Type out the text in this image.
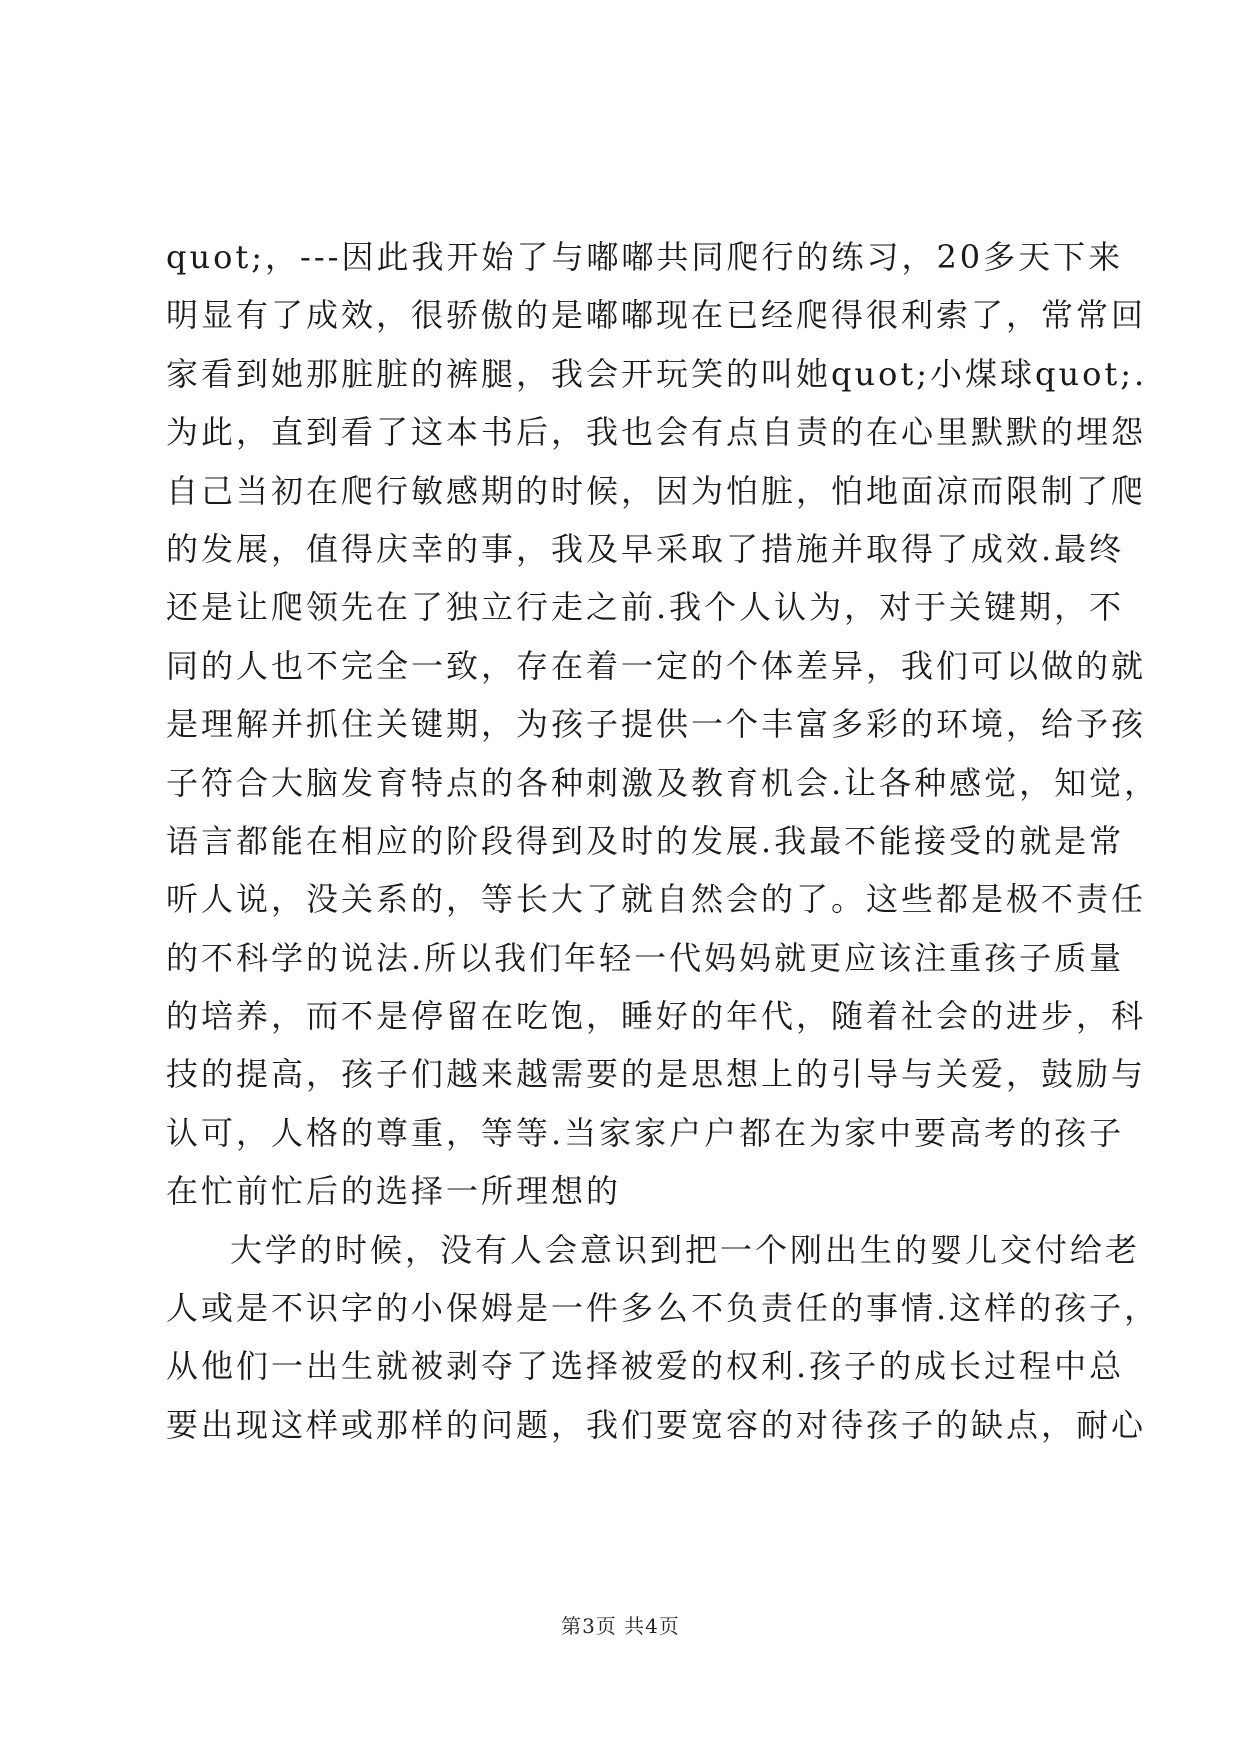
quot;，---因此我开始了与嘟嘟共同爬行的练习，20多天下来
明显有了成效，很骄傲的是嘟嘟现在已经爬得很利索了，常常回
家看到她那脏脏的裤腿，我会开玩笑的叫她quot;小煤球quot;.
为此，直到看了这本书后，我也会有点自责的在心里默默的埋怨
自己当初在爬行敏感期的时候，因为怕脏，怕地面凉而限制了爬
的发展，值得庆幸的事，我及早采取了措施并取得了成效.最终
还是让爬领先在了独立行走之前.我个人认为，对于关键期，不
同的人也不完全一致，存在着一定的个体差异，我们可以做的就
是理解并抓住关键期，为孩子提供一个丰富多彩的环境，给予孩
子符合大脑发育特点的各种刺激及教育机会.让各种感觉，知觉，
语言都能在相应的阶段得到及时的发展.我最不能接受的就是常
听人说，没关系的，等长大了就自然会的了。这些都是极不责任
的不科学的说法.所以我们年轻一代妈妈就更应该注重孩子质量
的培养，而不是停留在吃饱，睡好的年代，随着社会的进步，科
技的提高，孩子们越来越需要的是思想上的引导与关爱，鼓励与
认可，人格的尊重，等等.当家家户户都在为家中要高考的孩子
在忙前忙后的选择一所理想的
大学的时候，没有人会意识到把一个刚出生的婴儿交付给老
人或是不识字的小保姆是一件多么不负责任的事情.这样的孩子，
从他们一出生就被剥夺了选择被爱的权利.孩子的成长过程中总
要出现这样或那样的问题，我们要宽容的对待孩子的缺点，耐心
第3页 共4页
